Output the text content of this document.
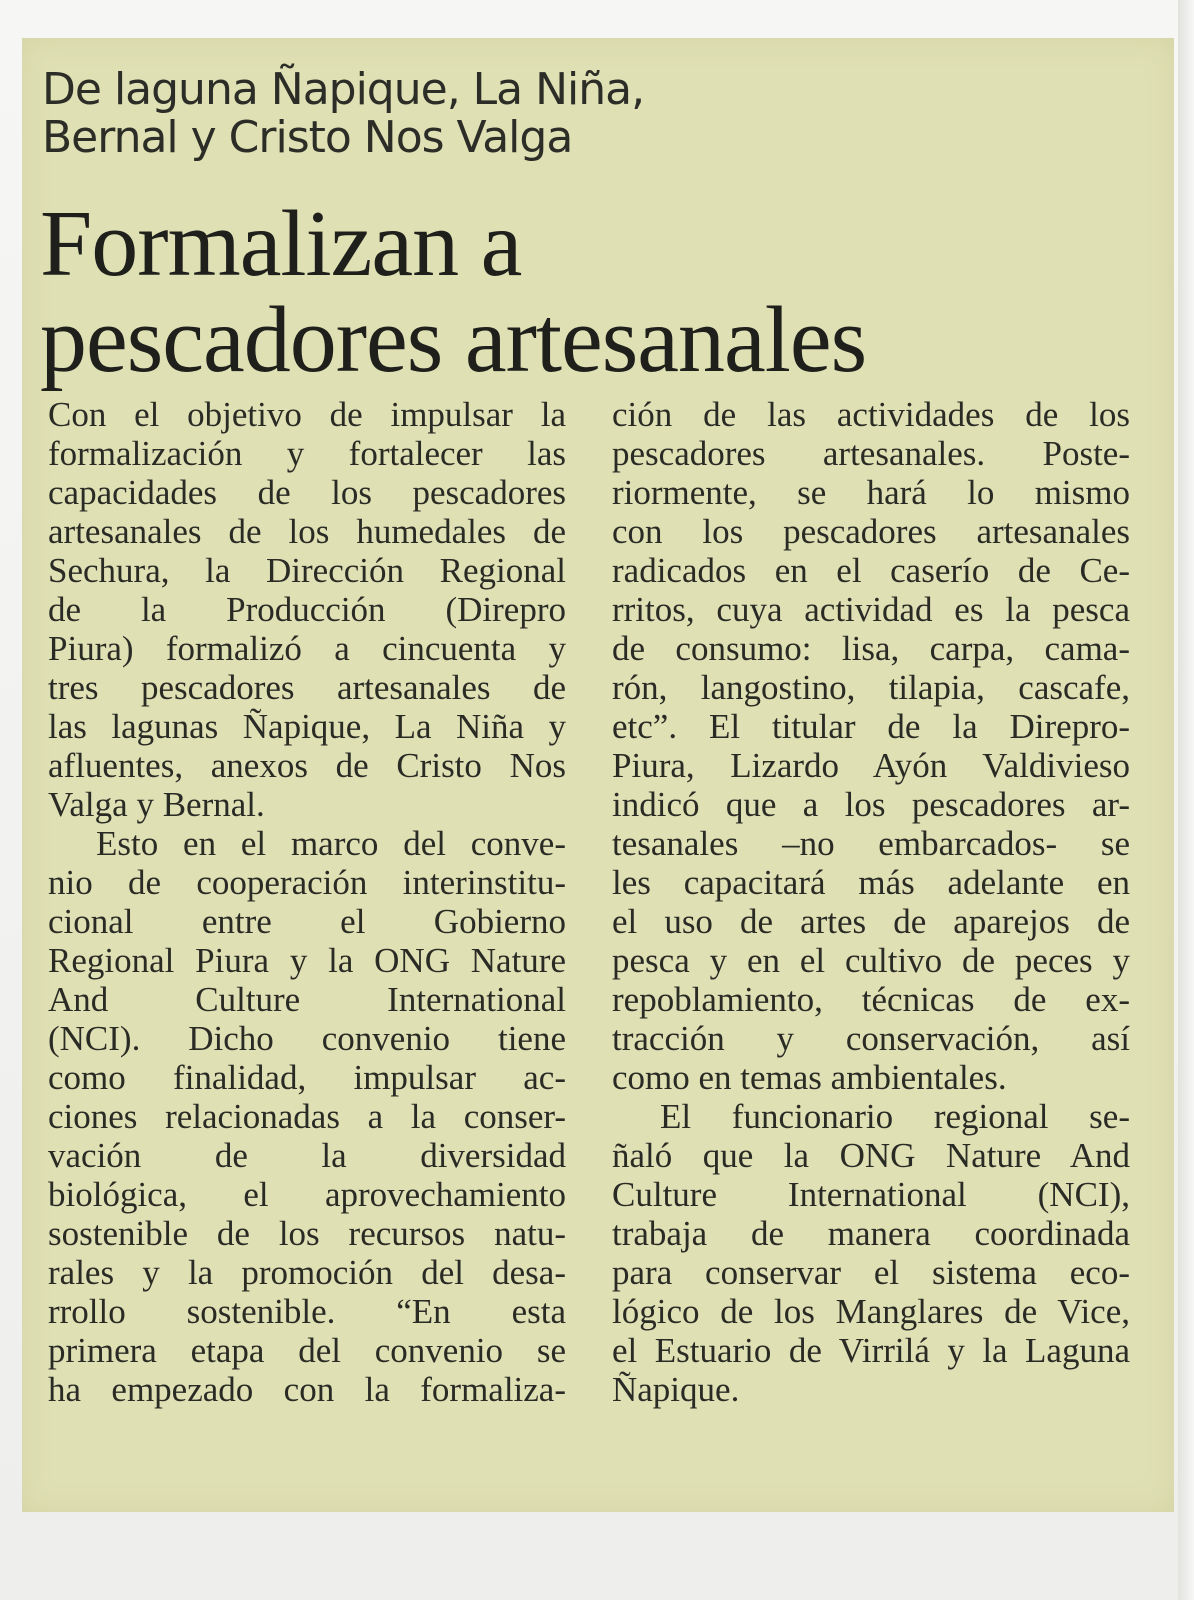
De laguna Ñapique, La Niña,
Bernal y Cristo Nos Valga
Formalizan a
pescadores artesanales
Con el objetivo de impulsar la
formalización y fortalecer las
capacidades de los pescadores
artesanales de los humedales de
Sechura, la Dirección Regional
de la Producción (Direpro
Piura) formalizó a cincuenta y
tres pescadores artesanales de
las lagunas Ñapique, La Niña y
afluentes, anexos de Cristo Nos
Valga y Bernal.
Esto en el marco del conve-
nio de cooperación interinstitu-
cional entre el Gobierno
Regional Piura y la ONG Nature
And Culture International
(NCI). Dicho convenio tiene
como finalidad, impulsar ac-
ciones relacionadas a la conser-
vación de la diversidad
biológica, el aprovechamiento
sostenible de los recursos natu-
rales y la promoción del desa-
rrollo sostenible. “En esta
primera etapa del convenio se
ha empezado con la formaliza-
ción de las actividades de los
pescadores artesanales. Poste-
riormente, se hará lo mismo
con los pescadores artesanales
radicados en el caserío de Ce-
rritos, cuya actividad es la pesca
de consumo: lisa, carpa, cama-
rón, langostino, tilapia, cascafe,
etc”. El titular de la Direpro-
Piura, Lizardo Ayón Valdivieso
indicó que a los pescadores ar-
tesanales –no embarcados- se
les capacitará más adelante en
el uso de artes de aparejos de
pesca y en el cultivo de peces y
repoblamiento, técnicas de ex-
tracción y conservación, así
como en temas ambientales.
El funcionario regional se-
ñaló que la ONG Nature And
Culture International (NCI),
trabaja de manera coordinada
para conservar el sistema eco-
lógico de los Manglares de Vice,
el Estuario de Virrilá y la Laguna
Ñapique.
